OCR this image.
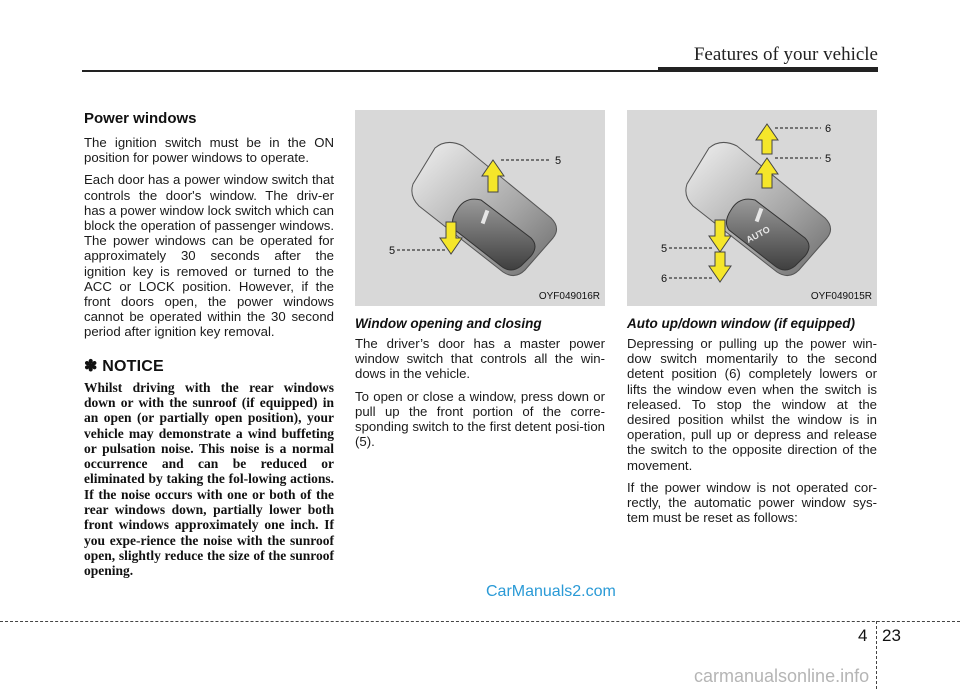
Features of your vehicle
Power windows

The ignition switch must be in the ON position for power windows to operate.

Each door has a power window switch that controls the door's window. The driv-er has a power window lock switch which can block the operation of passenger windows. The power windows can be operated for approximately 30 seconds after the ignition key is removed or turned to the ACC or LOCK position. However, if the front doors open, the power windows cannot be operated within the 30 second period after ignition key removal.

✽ NOTICE

Whilst driving with the rear windows down or with the sunroof (if equipped) in an open (or partially open position), your vehicle may demonstrate a wind buffeting or pulsation noise. This noise is a normal occurrence and can be reduced or eliminated by taking the fol-lowing actions. If the noise occurs with one or both of the rear windows down, partially lower both front windows approximately one inch. If you expe-rience the noise with the sunroof open, slightly reduce the size of the sunroof opening.

5
5
OYF049016R
Window opening and closing

The driver’s door has a master power window switch that controls all the win-dows in the vehicle.

To open or close a window, press down or pull up the front portion of the corre-sponding switch to the first detent posi-tion (5).

AUTO
6
5
5
6
OYF049015R
Auto up/down window (if equipped)

Depressing or pulling up the power win-dow switch momentarily to the second detent position (6) completely lowers or lifts the window even when the switch is released. To stop the window at the desired position whilst the window is in operation, pull up or depress and release the switch to the opposite direction of the movement.

If the power window is not operated cor-rectly, the automatic power window sys-tem must be reset as follows:

CarManuals2.com
4 23
carmanualsonline.info
